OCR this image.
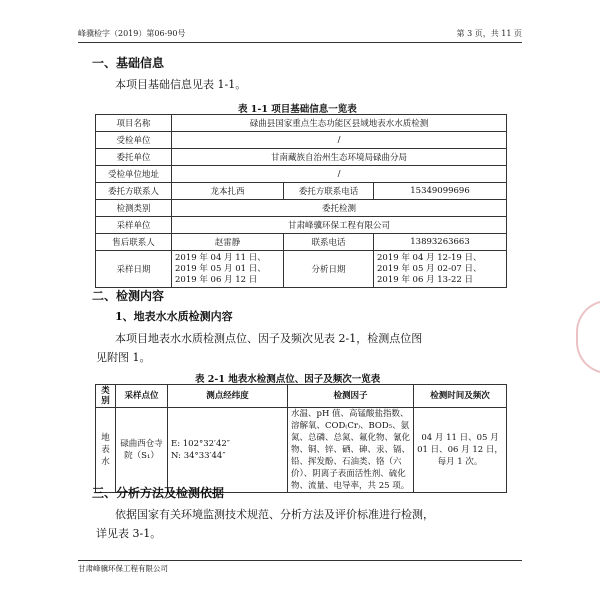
峰骥检字（2019）第06-90号	第 3 页，共 11 页
一、基础信息
本项目基础信息见表 1-1。
表 1-1 项目基础信息一览表
项目名称	碌曲县国家重点生态功能区县域地表水水质检测		
受检单位	/		
委托单位	甘南藏族自治州生态环境局碌曲分局		
受检单位地址	/		
委托方联系人	龙本扎西	委托方联系电话	15349099696
检测类别	委托检测		
采样单位	甘肃峰骥环保工程有限公司		
售后联系人	赵雷静	联系电话	13893263663
采样日期	2019 年 04 月 11 日、2019 年 05 月 01 日、2019 年 06 月 12 日	分析日期	2019 年 04 月 12-19 日、2019 年 05 月 02-07 日、2019 年 06 月 13-22 日
二、检测内容
1、地表水水质检测内容
本项目地表水水质检测点位、因子及频次见表 2-1，检测点位图
见附图 1。
表 2-1 地表水检测点位、因子及频次一览表
类别	采样点位	测点经纬度	检测因子	检测时间及频次
地表水	碌曲西仓寺院（S₁）	E: 102°32′42″
N: 34°33′44″	水温、pH 值、高锰酸盐指数、溶解氧、COD₍Cr₎、BOD₅、氨氮、总磷、总氮、氟化物、氰化物、铜、锌、硒、砷、汞、镉、铅、挥发酚、石油类、铬（六价）、阴离子表面活性剂、硫化物、流量、电导率，共 25 项。	04 月 11 日、05 月 01 日、06 月 12 日，每月 1 次。
三、分析方法及检测依据
依据国家有关环境监测技术规范、分析方法及评价标准进行检测，
详见表 3-1。
甘肃峰骥环保工程有限公司
